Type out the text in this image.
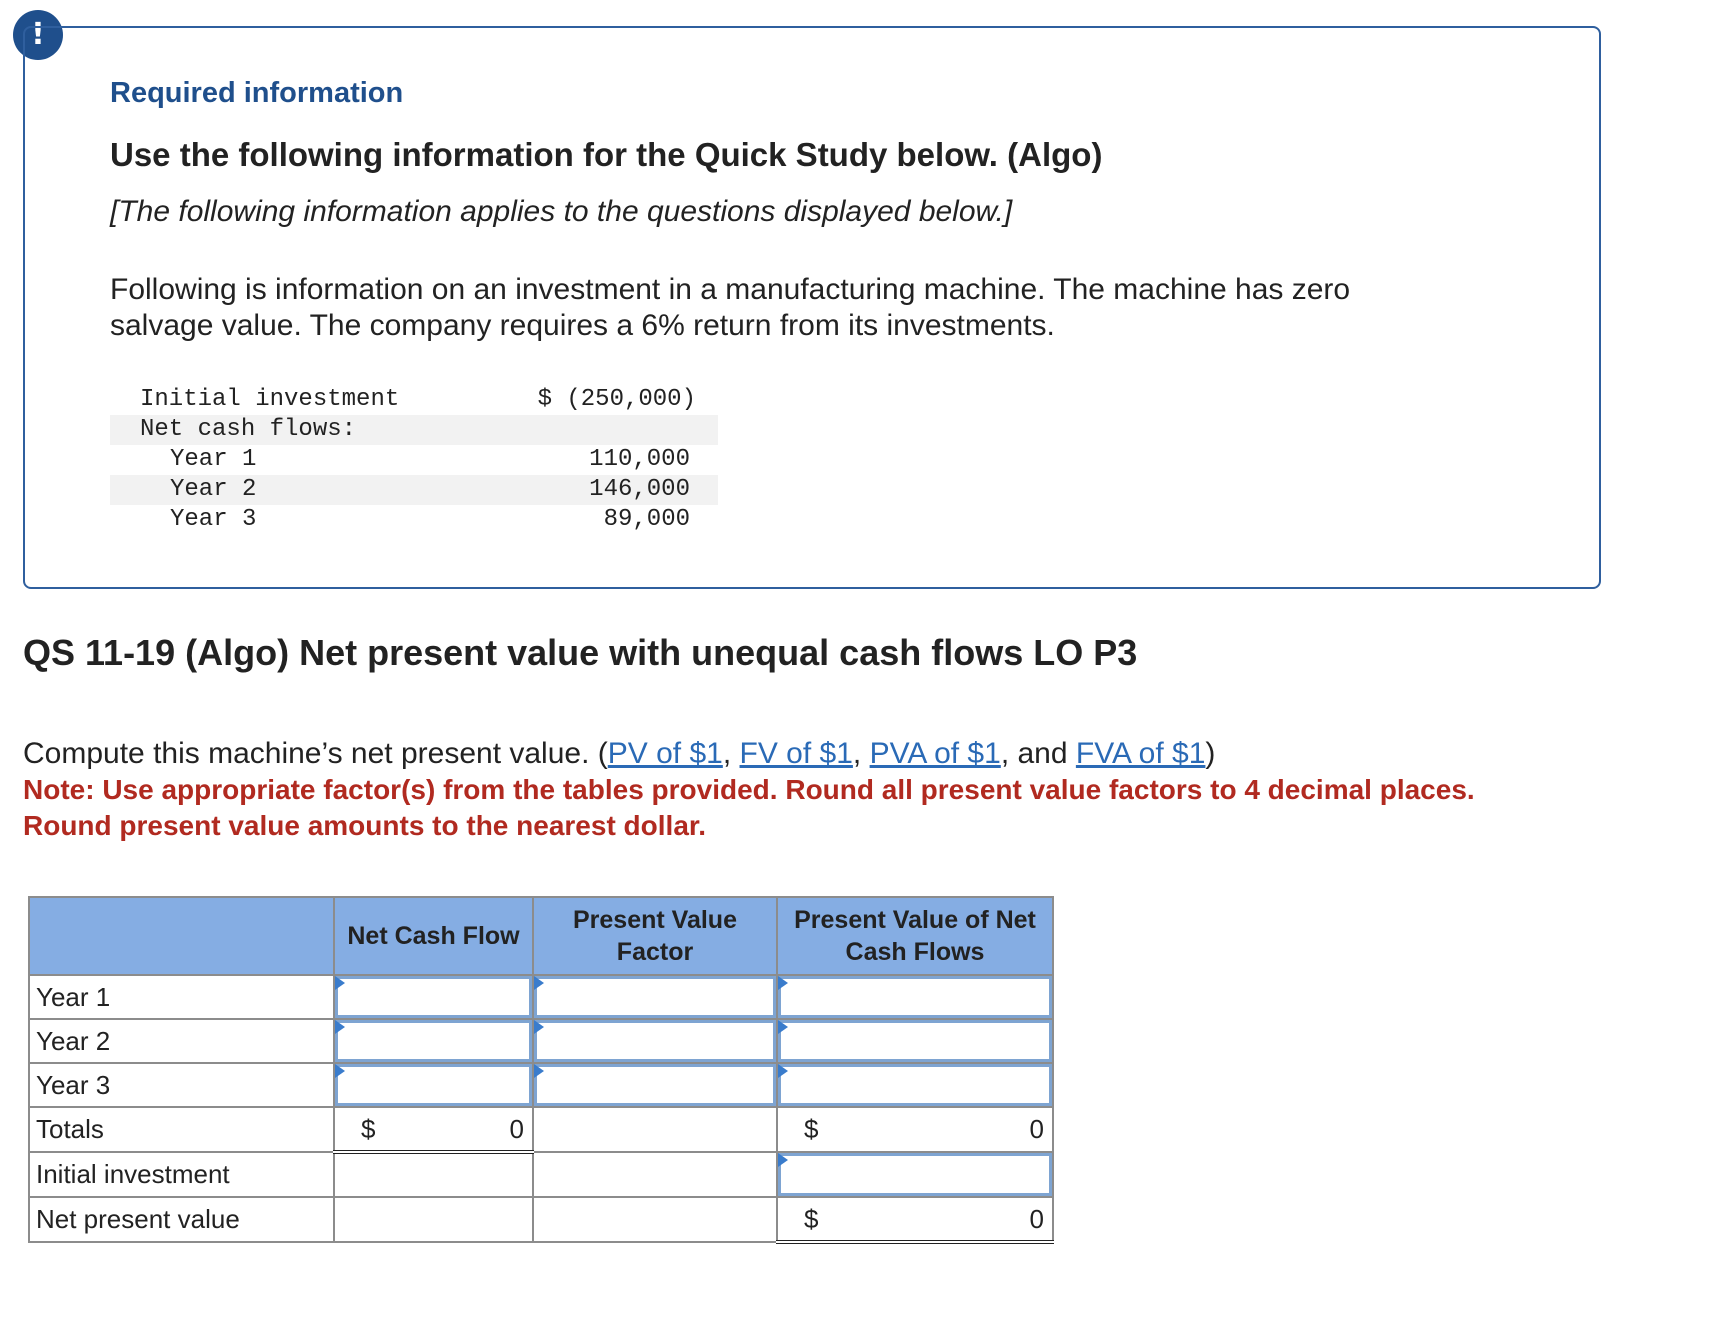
!
Required information
Use the following information for the Quick Study below. (Algo)

[The following information applies to the questions displayed below.]

Following is information on an investment in a manufacturing machine. The machine has zero salvage value. The company requires a 6% return from its investments.

Initial investment	$ (250,000)
Net cash flows:
Year 1	110,000
Year 2	146,000
Year 3	89,000
QS 11-19 (Algo) Net present value with unequal cash flows LO P3
Compute this machine’s net present value. (PV of $1, FV of $1, PVA of $1, and FVA of $1)
Note: Use appropriate factor(s) from the tables provided. Round all present value factors to 4 decimal places.
Round present value amounts to the nearest dollar.
	Net Cash Flow	Present Value Factor	Present Value of Net Cash Flows
Year 1	

Year 2	

Year 3	

Totals	$ 0		$ 0

Initial investment			

Net present value			$ 0
